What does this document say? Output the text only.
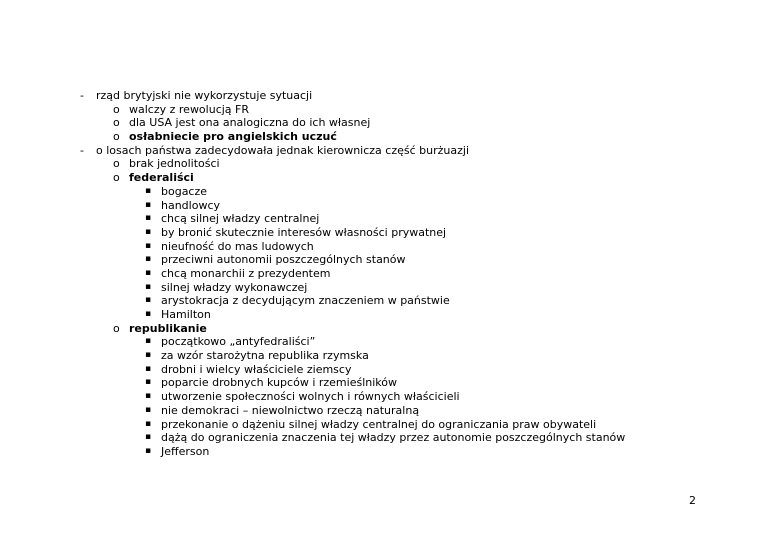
- rząd brytyjski nie wykorzystuje sytuacji
o walczy z rewolucją FR
o dla USA jest ona analogiczna do ich własnej
o osłabniecie pro angielskich uczuć
- o losach państwa zadecydowała jednak kierownicza część burżuazji
o brak jednolitości
o federaliści
▪ bogacze
▪ handlowcy
▪ chcą silnej władzy centralnej
▪ by bronić skutecznie interesów własności prywatnej
▪ nieufność do mas ludowych
▪ przeciwni autonomii poszczególnych stanów
▪ chcą monarchii z prezydentem
▪ silnej władzy wykonawczej
▪ arystokracja z decydującym znaczeniem w państwie
▪ Hamilton
o republikanie
▪ początkowo „antyfedraliści”
▪ za wzór starożytna republika rzymska
▪ drobni i wielcy właściciele ziemscy
▪ poparcie drobnych kupców i rzemieślników
▪ utworzenie społeczności wolnych i równych właścicieli
▪ nie demokraci – niewolnictwo rzeczą naturalną
▪ przekonanie o dążeniu silnej władzy centralnej do ograniczania praw obywateli
▪ dążą do ograniczenia znaczenia tej władzy przez autonomie poszczególnych stanów
▪ Jefferson
2
